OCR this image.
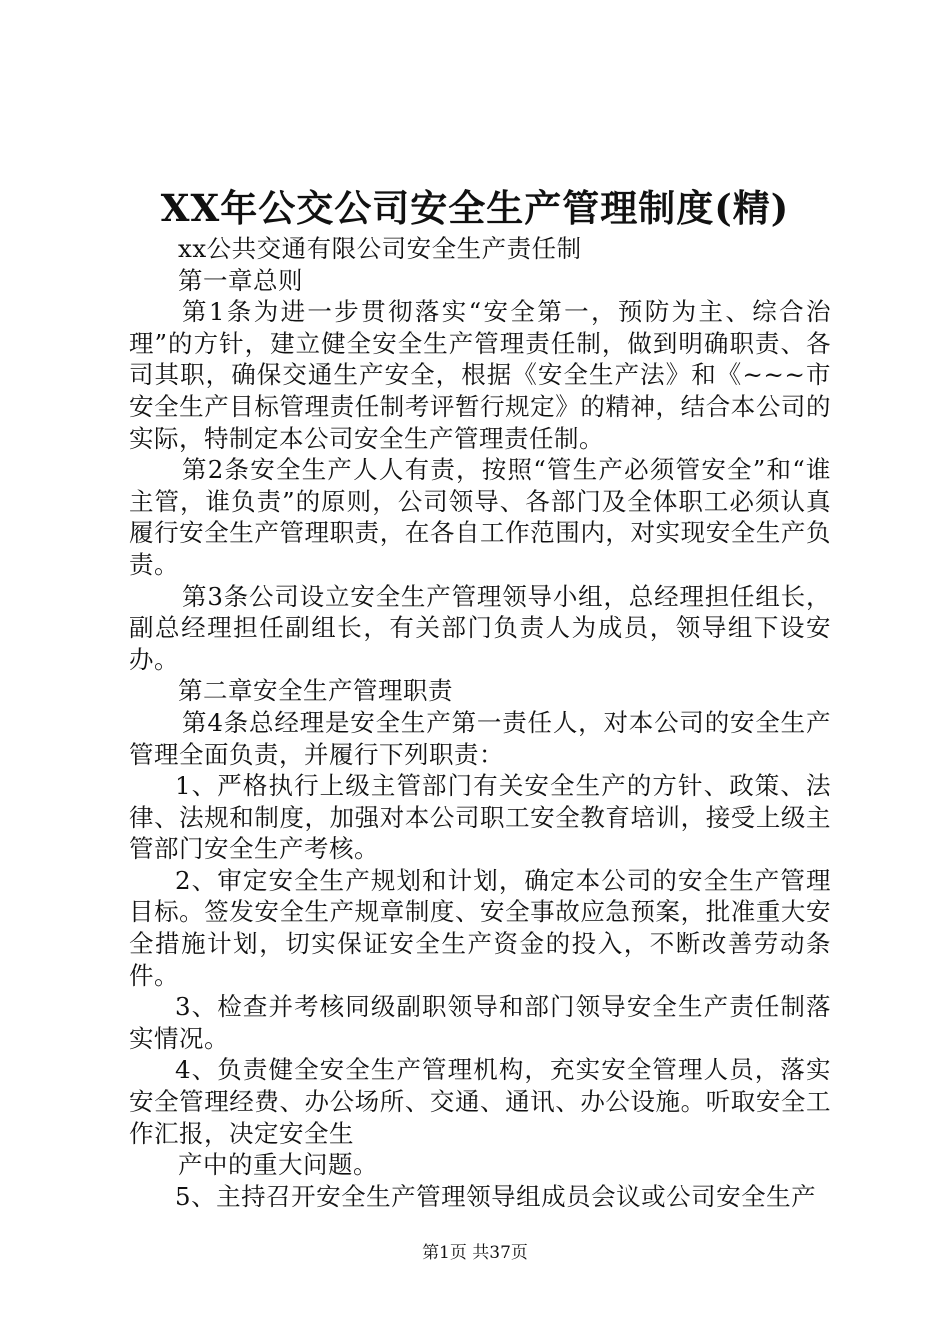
XX年公交公司安全生产管理制度(精)

xx公共交通有限公司安全生产责任制

第一章总则

第1条为进一步贯彻落实“安全第一，预防为主、综合治理”的方针，建立健全安全生产管理责任制，做到明确职责、各司其职，确保交通生产安全，根据《安全生产法》和《~~~市安全生产目标管理责任制考评暂行规定》的精神，结合本公司的实际，特制定本公司安全生产管理责任制。

第2条安全生产人人有责，按照“管生产必须管安全”和“谁主管，谁负责”的原则，公司领导、各部门及全体职工必须认真履行安全生产管理职责，在各自工作范围内，对实现安全生产负责。

第3条公司设立安全生产管理领导小组，总经理担任组长，副总经理担任副组长，有关部门负责人为成员，领导组下设安办。

第二章安全生产管理职责

第4条总经理是安全生产第一责任人，对本公司的安全生产管理全面负责，并履行下列职责：

1、严格执行上级主管部门有关安全生产的方针、政策、法律、法规和制度，加强对本公司职工安全教育培训，接受上级主管部门安全生产考核。

2、审定安全生产规划和计划，确定本公司的安全生产管理目标。签发安全生产规章制度、安全事故应急预案，批准重大安全措施计划，切实保证安全生产资金的投入，不断改善劳动条件。

3、检查并考核同级副职领导和部门领导安全生产责任制落实情况。

4、负责健全安全生产管理机构，充实安全管理人员，落实安全管理经费、办公场所、交通、通讯、办公设施。听取安全工作汇报，决定安全生

产中的重大问题。

5、主持召开安全生产管理领导组成员会议或公司安全生产

第1页 共37页
